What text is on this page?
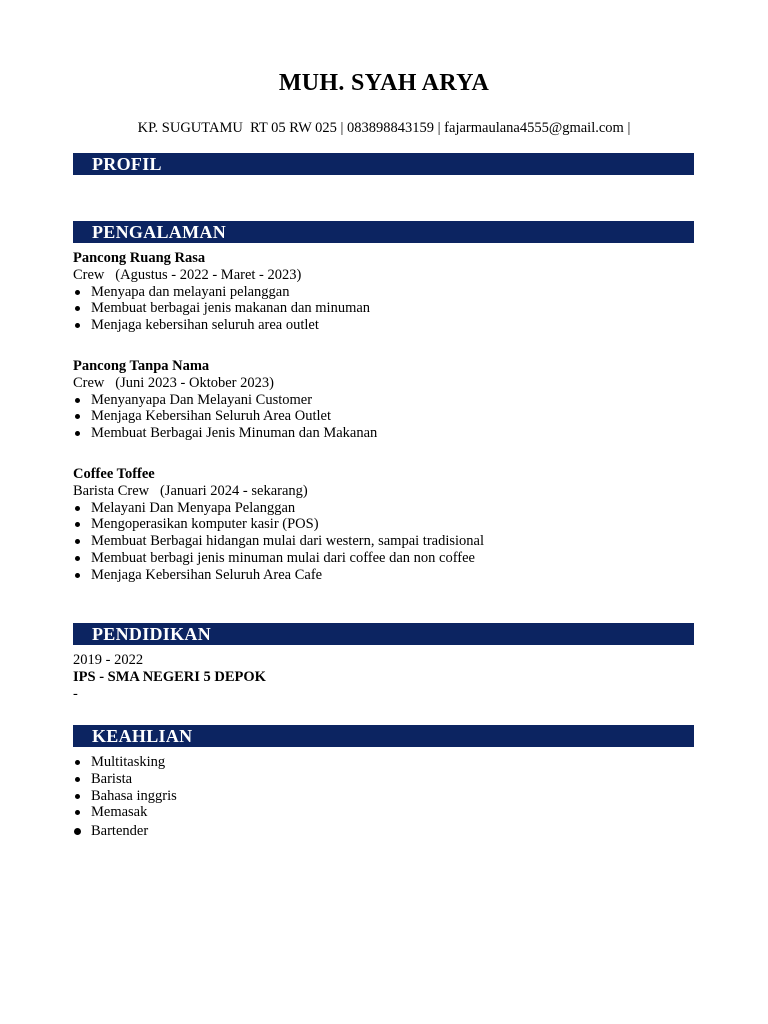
MUH. SYAH ARYA
KP. SUGUTAMU  RT 05 RW 025 | 083898843159 | fajarmaulana4555@gmail.com |
PROFIL
PENGALAMAN
Pancong Ruang Rasa
Crew   (Agustus - 2022 - Maret - 2023)
Menyapa dan melayani pelanggan
Membuat berbagai jenis makanan dan minuman
Menjaga kebersihan seluruh area outlet
Pancong Tanpa Nama
Crew   (Juni 2023 - Oktober 2023)
Menyanyapa Dan Melayani Customer
Menjaga Kebersihan Seluruh Area Outlet
Membuat Berbagai Jenis Minuman dan Makanan
Coffee Toffee
Barista Crew   (Januari 2024 - sekarang)
Melayani Dan Menyapa Pelanggan
Mengoperasikan komputer kasir (POS)
Membuat Berbagai hidangan mulai dari western, sampai tradisional
Membuat berbagi jenis minuman mulai dari coffee dan non coffee
Menjaga Kebersihan Seluruh Area Cafe
PENDIDIKAN
2019 - 2022
IPS - SMA NEGERI 5 DEPOK
-
KEAHLIAN
Multitasking
Barista
Bahasa inggris
Memasak
Bartender
